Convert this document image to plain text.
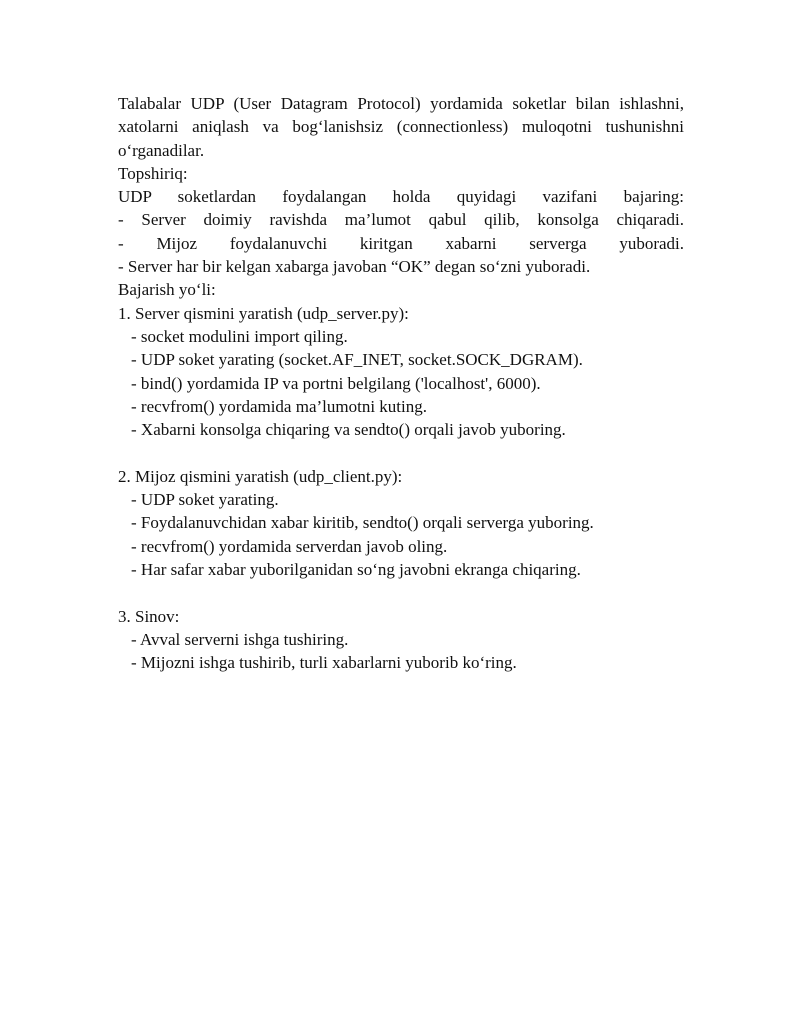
Talabalar UDP (User Datagram Protocol) yordamida soketlar bilan ishlashni,
xatolarni aniqlash va bog‘lanishsiz (connectionless) muloqotni tushunishni
o‘rganadilar.
Topshiriq:
UDP soketlardan foydalangan holda quyidagi vazifani bajaring:
- Server doimiy ravishda ma’lumot qabul qilib, konsolga chiqaradi.
- Mijoz foydalanuvchi kiritgan xabarni serverga yuboradi.
- Server har bir kelgan xabarga javoban “OK” degan so‘zni yuboradi.
Bajarish yo‘li:
1. Server qismini yaratish (udp_server.py):
- socket modulini import qiling.
- UDP soket yarating (socket.AF_INET, socket.SOCK_DGRAM).
- bind() yordamida IP va portni belgilang ('localhost', 6000).
- recvfrom() yordamida ma’lumotni kuting.
- Xabarni konsolga chiqaring va sendto() orqali javob yuboring.
2. Mijoz qismini yaratish (udp_client.py):
- UDP soket yarating.
- Foydalanuvchidan xabar kiritib, sendto() orqali serverga yuboring.
- recvfrom() yordamida serverdan javob oling.
- Har safar xabar yuborilganidan so‘ng javobni ekranga chiqaring.
3. Sinov:
- Avval serverni ishga tushiring.
- Mijozni ishga tushirib, turli xabarlarni yuborib ko‘ring.
